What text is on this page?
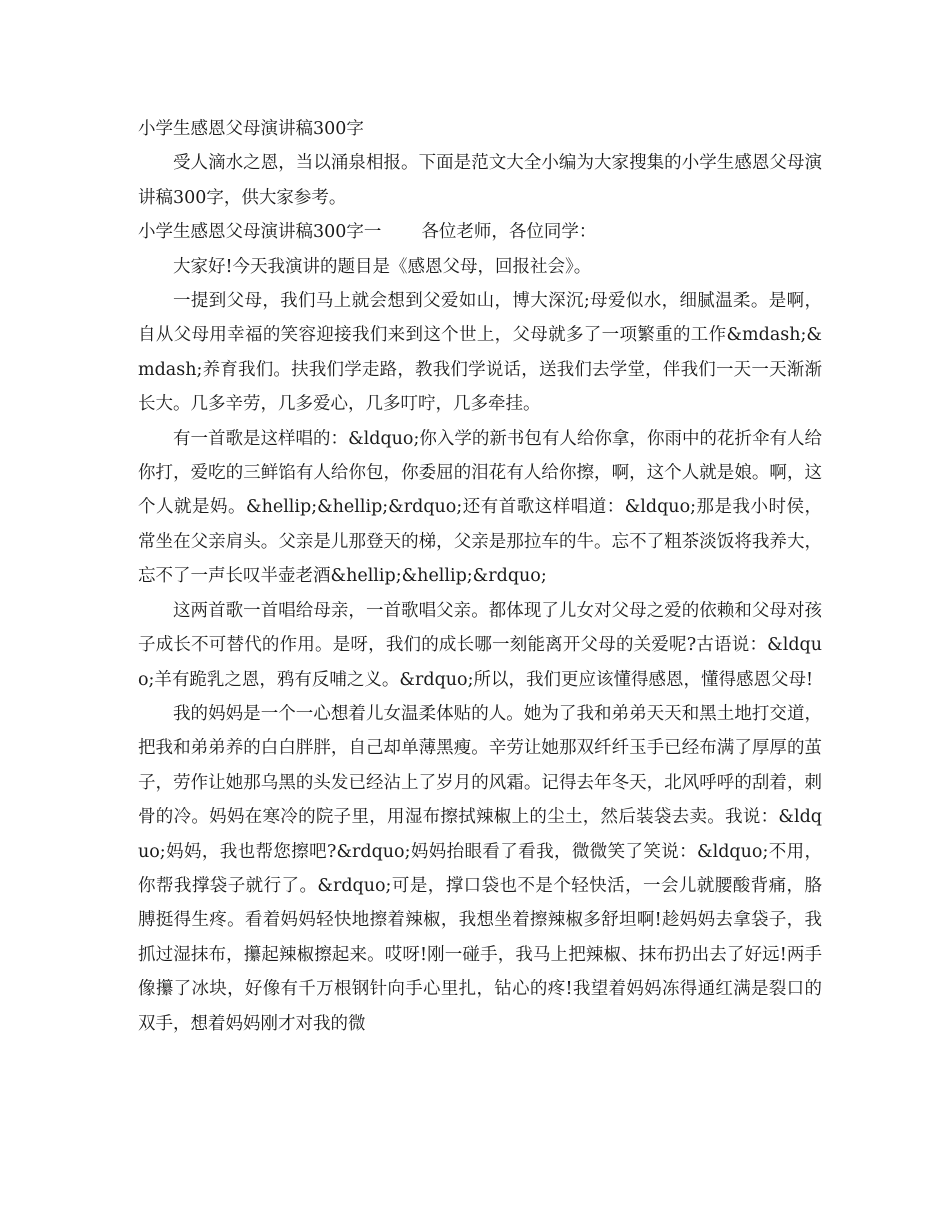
小学生感恩父母演讲稿300字

受人滴水之恩，当以涌泉相报。下面是范文大全小编为大家搜集的小学生感恩父母演讲稿300字，供大家参考。

小学生感恩父母演讲稿300字一 各位老师，各位同学：

大家好!今天我演讲的题目是《感恩父母，回报社会》。

一提到父母，我们马上就会想到父爱如山，博大深沉;母爱似水，细腻温柔。是啊，自从父母用幸福的笑容迎接我们来到这个世上，父母就多了一项繁重的工作&mdash;&mdash;养育我们。扶我们学走路，教我们学说话，送我们去学堂，伴我们一天一天渐渐长大。几多辛劳，几多爱心，几多叮咛，几多牵挂。

有一首歌是这样唱的：&ldquo;你入学的新书包有人给你拿，你雨中的花折伞有人给你打，爱吃的三鲜馅有人给你包，你委屈的泪花有人给你擦，啊，这个人就是娘。啊，这个人就是妈。&hellip;&hellip;&rdquo;还有首歌这样唱道：&ldquo;那是我小时侯，常坐在父亲肩头。父亲是儿那登天的梯，父亲是那拉车的牛。忘不了粗茶淡饭将我养大，忘不了一声长叹半壶老酒&hellip;&hellip;&rdquo;

这两首歌一首唱给母亲，一首歌唱父亲。都体现了儿女对父母之爱的依赖和父母对孩子成长不可替代的作用。是呀，我们的成长哪一刻能离开父母的关爱呢?古语说：&ldquo;羊有跪乳之恩，鸦有反哺之义。&rdquo;所以，我们更应该懂得感恩，懂得感恩父母!

我的妈妈是一个一心想着儿女温柔体贴的人。她为了我和弟弟天天和黑土地打交道，把我和弟弟养的白白胖胖，自己却单薄黑瘦。辛劳让她那双纤纤玉手已经布满了厚厚的茧子，劳作让她那乌黑的头发已经沾上了岁月的风霜。记得去年冬天，北风呼呼的刮着，刺骨的冷。妈妈在寒冷的院子里，用湿布擦拭辣椒上的尘土，然后装袋去卖。我说：&ldquo;妈妈，我也帮您擦吧?&rdquo;妈妈抬眼看了看我，微微笑了笑说：&ldquo;不用，你帮我撑袋子就行了。&rdquo;可是，撑口袋也不是个轻快活，一会儿就腰酸背痛，胳膊挺得生疼。看着妈妈轻快地擦着辣椒，我想坐着擦辣椒多舒坦啊!趁妈妈去拿袋子，我抓过湿抹布，攥起辣椒擦起来。哎呀!刚一碰手，我马上把辣椒、抹布扔出去了好远!两手像攥了冰块，好像有千万根钢针向手心里扎，钻心的疼!我望着妈妈冻得通红满是裂口的双手，想着妈妈刚才对我的微
